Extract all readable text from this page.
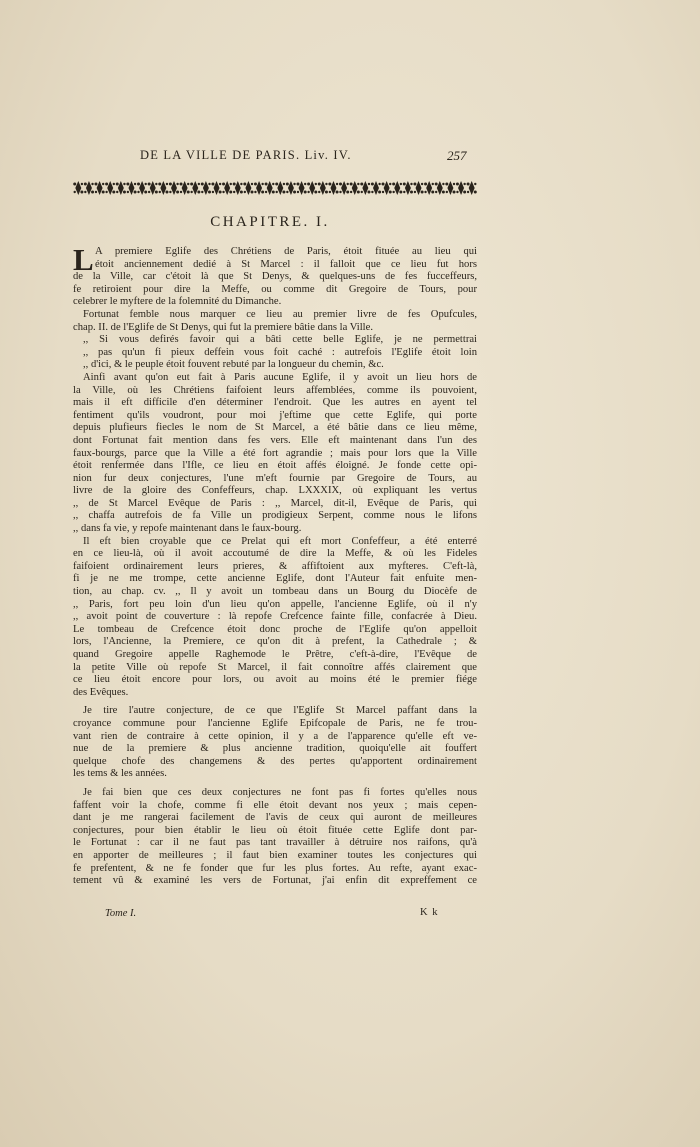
DE LA VILLE DE PARIS. Liv. IV.	257
CHAPITRE. I.
L A premiere Eglife des Chrétiens de Paris, étoit fituée au lieu qui
étoit anciennement dedié à St Marcel : il falloit que ce lieu fut hors
de la Ville, car c'étoit là que St Denys, & quelques-uns de fes fucceffeurs,
fe retiroient pour dire la Meffe, ou comme dit Gregoire de Tours, pour
celebrer le myftere de la folemnité du Dimanche.
Fortunat femble nous marquer ce lieu au premier livre de fes Opufcules,
chap. II. de l'Eglife de St Denys, qui fut la premiere bâtie dans la Ville.
,, Si vous defirés favoir qui a bâti cette belle Eglife, je ne permettrai
,, pas qu'un fi pieux deffein vous foit caché : autrefois l'Eglife étoit loin
,, d'ici, & le peuple étoit fouvent rebuté par la longueur du chemin, &c.
Ainfi avant qu'on eut fait à Paris aucune Eglife, il y avoit un lieu hors de
la Ville, où les Chrétiens faifoient leurs affemblées, comme ils pouvoient,
mais il eft difficile d'en déterminer l'endroit. Que les autres en ayent tel
fentiment qu'ils voudront, pour moi j'eftime que cette Eglife, qui porte
depuis plufieurs fiecles le nom de St Marcel, a été bâtie dans ce lieu même,
dont Fortunat fait mention dans fes vers. Elle eft maintenant dans l'un des
faux-bourgs, parce que la Ville a été fort agrandie ; mais pour lors que la Ville
étoit renfermée dans l'Ifle, ce lieu en étoit affés éloigné. Je fonde cette opi-
nion fur deux conjectures, l'une m'eft fournie par Gregoire de Tours, au
livre de la gloire des Confeffeurs, chap. LXXXIX, où expliquant les vertus
,, de St Marcel Evêque de Paris : ,, Marcel, dit-il, Evêque de Paris, qui
,, chaffa autrefois de fa Ville un prodigieux Serpent, comme nous le lifons
,, dans fa vie, y repofe maintenant dans le faux-bourg.
Il eft bien croyable que ce Prelat qui eft mort Confeffeur, a été enterré
en ce lieu-là, où il avoit accoutumé de dire la Meffe, & où les Fideles
faifoient ordinairement leurs prieres, & affiftoient aux myfteres. C'eft-là,
fi je ne me trompe, cette ancienne Eglife, dont l'Auteur fait enfuite men-
tion, au chap. cv. ,, Il y avoit un tombeau dans un Bourg du Diocèfe de
,, Paris, fort peu loin d'un lieu qu'on appelle, l'ancienne Eglife, où il n'y
,, avoit point de couverture : là repofe Crefcence fainte fille, confacrée à Dieu.
Le tombeau de Crefcence étoit donc proche de l'Eglife qu'on appelloit
lors, l'Ancienne, la Premiere, ce qu'on dit à prefent, la Cathedrale ; &
quand Gregoire appelle Raghemode le Prêtre, c'eft-à-dire, l'Evêque de
la petite Ville où repofe St Marcel, il fait connoître affés clairement que
ce lieu étoit encore pour lors, ou avoit au moins été le premier fiége
des Evêques.
Je tire l'autre conjecture, de ce que l'Eglife St Marcel paffant dans la
croyance commune pour l'ancienne Eglife Epifcopale de Paris, ne fe trou-
vant rien de contraire à cette opinion, il y a de l'apparence qu'elle eft ve-
nue de la premiere & plus ancienne tradition, quoiqu'elle ait fouffert
quelque chofe des changemens & des pertes qu'apportent ordinairement
les tems & les années.
Je fai bien que ces deux conjectures ne font pas fi fortes qu'elles nous
faffent voir la chofe, comme fi elle étoit devant nos yeux ; mais cepen-
dant je me rangerai facilement de l'avis de ceux qui auront de meilleures
conjectures, pour bien établir le lieu où étoit fituée cette Eglife dont par-
le Fortunat : car il ne faut pas tant travailler à détruire nos raifons, qu'à
en apporter de meilleures ; il faut bien examiner toutes les conjectures qui
fe prefentent, & ne fe fonder que fur les plus fortes. Au refte, ayant exac-
tement vû & examiné les vers de Fortunat, j'ai enfin dit expreffement ce
Tome I.	K k
